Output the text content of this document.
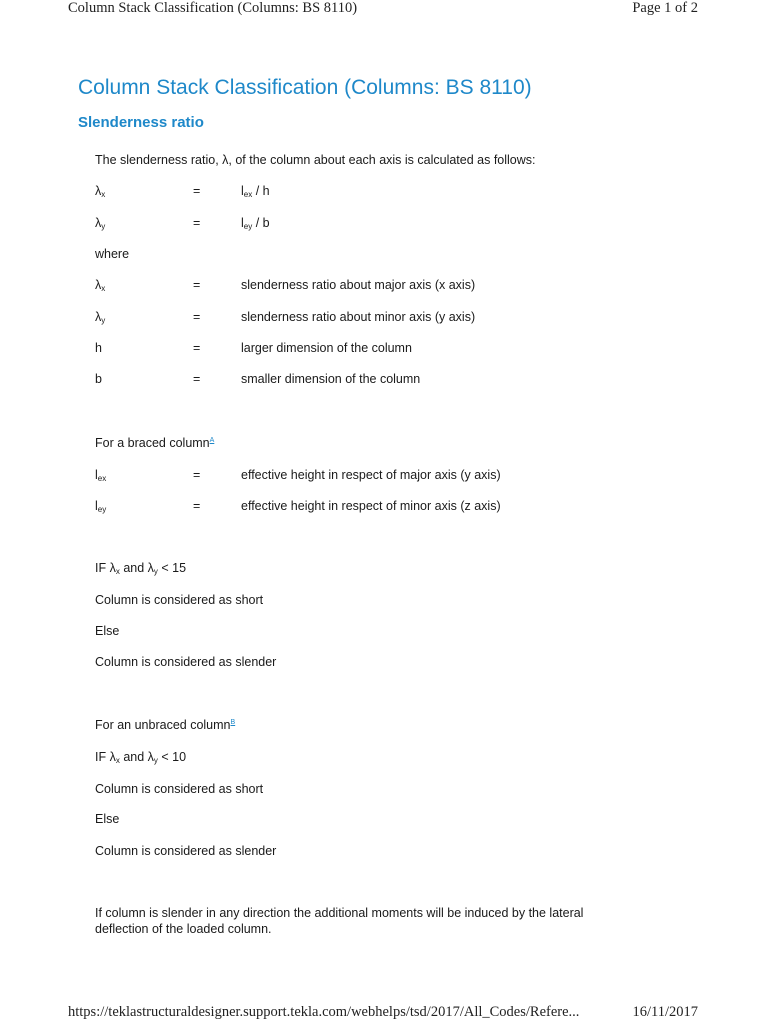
Column Stack Classification (Columns: BS 8110)	Page 1 of 2
Column Stack Classification (Columns: BS 8110)
Slenderness ratio
The slenderness ratio, λ, of the column about each axis is calculated as follows:
$\lambda_x$	=	$l_{ex}$ / h
$\lambda_y$	=	$l_{ey}$ / b
where
$\lambda_x$	=	slenderness ratio about major axis (x axis)
$\lambda_y$	=	slenderness ratio about minor axis (y axis)
h	=	larger dimension of the column
b	=	smaller dimension of the column
For a braced column$^A$
$l_{ex}$	=	effective height in respect of major axis (y axis)
$l_{ey}$	=	effective height in respect of minor axis (z axis)
IF $\lambda_x$ and $\lambda_y < 15$
Column is considered as short
Else
Column is considered as slender
For an unbraced column$^B$
IF $\lambda_x$ and $\lambda_y < 10$
Column is considered as short
Else
Column is considered as slender
If column is slender in any direction the additional moments will be induced by the lateral deflection of the loaded column.
https://teklastructuraldesigner.support.tekla.com/webhelps/tsd/2017/All_Codes/Refere...	16/11/2017
